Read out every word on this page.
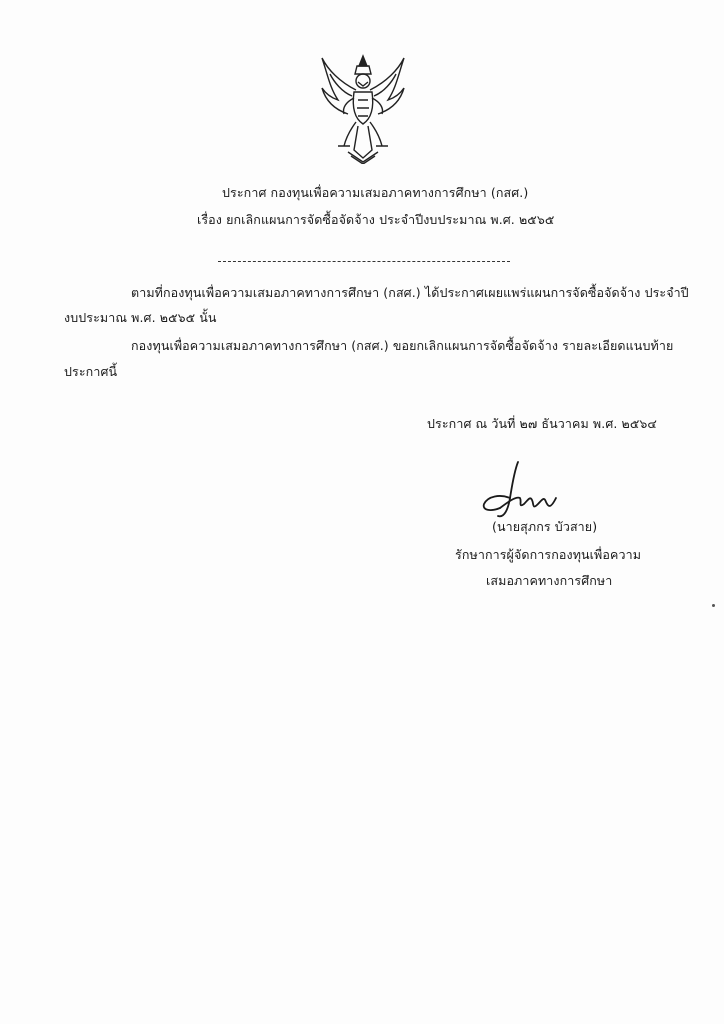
ประกาศ กองทุนเพื่อความเสมอภาคทางการศึกษา (กสศ.)
เรื่อง ยกเลิกแผนการจัดซื้อจัดจ้าง ประจำปีงบประมาณ พ.ศ. ๒๕๖๕
ตามที่กองทุนเพื่อความเสมอภาคทางการศึกษา (กสศ.) ได้ประกาศเผยแพร่แผนการจัดซื้อจัดจ้าง ประจำปี
งบประมาณ พ.ศ. ๒๕๖๕ นั้น
กองทุนเพื่อความเสมอภาคทางการศึกษา (กสศ.) ขอยกเลิกแผนการจัดซื้อจัดจ้าง รายละเอียดแนบท้าย
ประกาศนี้
ประกาศ ณ วันที่ ๒๗ ธันวาคม พ.ศ. ๒๕๖๔
(นายสุภกร บัวสาย)
รักษาการผู้จัดการกองทุนเพื่อความ
เสมอภาคทางการศึกษา
